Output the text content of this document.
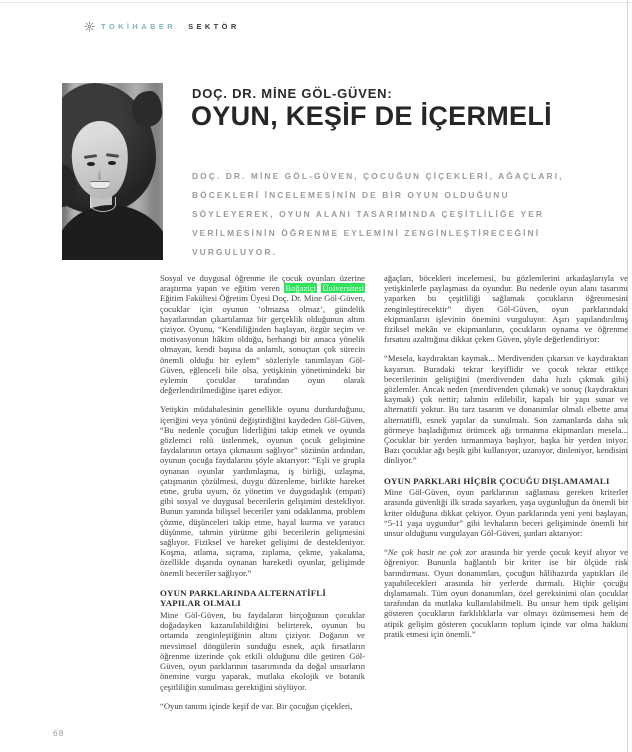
TOKİHABER SEKTÖR
DOÇ. DR. MİNE GÖL-GÜVEN:
OYUN, KEŞİF DE İÇERMELİ

DOÇ. DR. MİNE GÖL-GÜVEN, ÇOCUĞUN ÇİÇEKLERİ, AĞAÇLARI, BÖCEKLERİ İNCELEMESİNİN DE BİR OYUN OLDUĞUNU SÖYLEYEREK, OYUN ALANI TASARIMINDA ÇEŞİTLİLİĞE YER VERİLMESİNİN ÖĞRENME EYLEMİNİ ZENGİNLEŞTİRECEĞİNİ VURGULUYOR.

Sosyal ve duygusal öğrenme ile çocuk oyunları üzerine araştırma yapan ve eğitim veren Boğaziçi Üniversitesi Eğitim Fakültesi Öğretim Üyesi Doç. Dr. Mine Göl-Güven, çocuklar için oyunun ‘olmazsa olmaz’, gündelik hayatlarından çıkartılamaz bir gerçeklik olduğunun altını çiziyor. Oyunu, “Kendiliğinden başlayan, özgür seçim ve motivasyonun hâkim olduğu, herhangi bir amaca yönelik olmayan, kendi başına da anlamlı, sonuçtan çok sürecin önemli olduğu bir eylem” sözleriyle tanımlayan Göl-Güven, eğlenceli bile olsa, yetişkinin yönetimindeki bir eylemin çocuklar tarafından oyun olarak değerlendirilmediğine işaret ediyor.

Yetişkin müdahalesinin genellikle oyunu durdurduğunu, içeriğini veya yönünü değiştirdiğini kaydeden Göl-Güven, “Bu nedenle çocuğun liderliğini takip etmek ve oyunda gözlemci rolü üstlenmek, oyunun çocuk gelişimine faydalarının ortaya çıkmasını sağlıyor” sözünün ardından, oyunun çocuğa faydalarını şöyle aktarıyor: “Eşli ve grupla oynanan oyunlar yardımlaşma, iş birliği, uzlaşma, çatışmanın çözülmesi, duygu düzenleme, birlikte hareket etme, gruba uyum, öz yönetim ve duygudaşlık (empati) gibi sosyal ve duygusal becerilerin gelişimini destekliyor. Bunun yanında bilişsel beceriler yani odaklanma, problem çözme, düşünceleri takip etme, hayal kurma ve yaratıcı düşünme, tahmin yürütme gibi becerilerin gelişmesini sağlıyor. Fiziksel ve hareket gelişimi de destekleniyor. Koşma, atlama, sıçrama, zıplama, çekme, yakalama, özellikle dışarıda oynanan hareketli oyunlar, gelişimde önemli beceriler sağlıyor.”

OYUN PARKLARINDA ALTERNATİFLİ YAPILAR OLMALI

Mine Göl-Güven, bu faydaların birçoğunun çocuklar doğadayken kazanılabildiğini belirterek, oyunun bu ortamda zenginleştiğinin altını çiziyor. Doğanın ve mevsimsel döngülerin sunduğu esnek, açık fırsatların öğrenme üzerinde çok etkili olduğunu dile getiren Göl-Güven, oyun parklarının tasarımında da doğal unsurların önemine vurgu yaparak, mutlaka ekolojik ve botanik çeşitliliğin sunulması gerektiğini söylüyor.

“Oyun tanımı içinde keşif de var. Bir çocuğun çiçekleri,

ağaçları, böcekleri incelemesi, bu gözlemlerini arkadaşlarıyla ve yetişkinlerle paylaşması da oyundur. Bu nedenle oyun alanı tasarımı yaparken bu çeşitliliği sağlamak çocukların öğrenmesini zenginleştirecektir” diyen Göl-Güven, oyun parklarındaki ekipmanların işlevinin önemini vurguluyor. Aşırı yapılandırılmış fiziksel mekân ve ekipmanların, çocukların oynama ve öğrenme fırsatını azalttığına dikkat çeken Güven, şöyle değerlendiriyor:

“Mesela, kaydıraktan kaymak... Merdivenden çıkarsın ve kaydıraktan kayarsın. Buradaki tekrar keyiflidir ve çocuk tekrar ettikçe becerilerinin geliştiğini (merdivenden daha hızlı çıkmak gibi) gözlemler. Ancak neden (merdivenden çıkmak) ve sonuç (kaydıraktan kaymak) çok nettir; tahmin edilebilir, kapalı bir yapı sunar ve alternatifi yoktur. Bu tarz tasarım ve donanımlar olmalı elbette ama alternatifli, esnek yapılar da sunulmalı. Son zamanlarda daha sık görmeye başladığımız örümcek ağı tırmanma ekipmanları mesela... Çocuklar bir yerden tırmanmaya başlıyor, başka bir yerden iniyor. Bazı çocuklar ağı beşik gibi kullanıyor, uzanıyor, dinleniyor, kendisini dinliyor.”

OYUN PARKLARI HİÇBİR ÇOCUĞU DIŞLAMAMALI

Mine Göl-Güven, oyun parklarının sağlaması gereken kriterler arasında güvenliği ilk sırada sayarken, yaşa uygunluğun da önemli bir kriter olduğuna dikkat çekiyor. Oyun parklarında yeni yeni başlayan, “5-11 yaşa uygundur” gibi levhaların beceri gelişiminde önemli bir unsur olduğunu vurgulayan Göl-Güven, şunları aktarıyor:

“Ne çok basit ne çok zor arasında bir yerde çocuk keyif alıyor ve öğreniyor. Bununla bağlantılı bir kriter ise bir ölçüde risk barındırması. Oyun donanımları, çocuğun hâlihazırda yaptıkları ile yapabilecekleri arasında bir yerlerde durmalı. Hiçbir çocuğu dışlamamalı. Tüm oyun donanımları, özel gereksinimi olan çocuklar tarafından da mutlaka kullanılabilmeli. Bu unsur hem tipik gelişim gösteren çocukların farklılıklarla var olmayı özümsemesi hem de atipik gelişim gösteren çocukların toplum içinde var olma hakkını pratik etmesi için önemli.”

68
